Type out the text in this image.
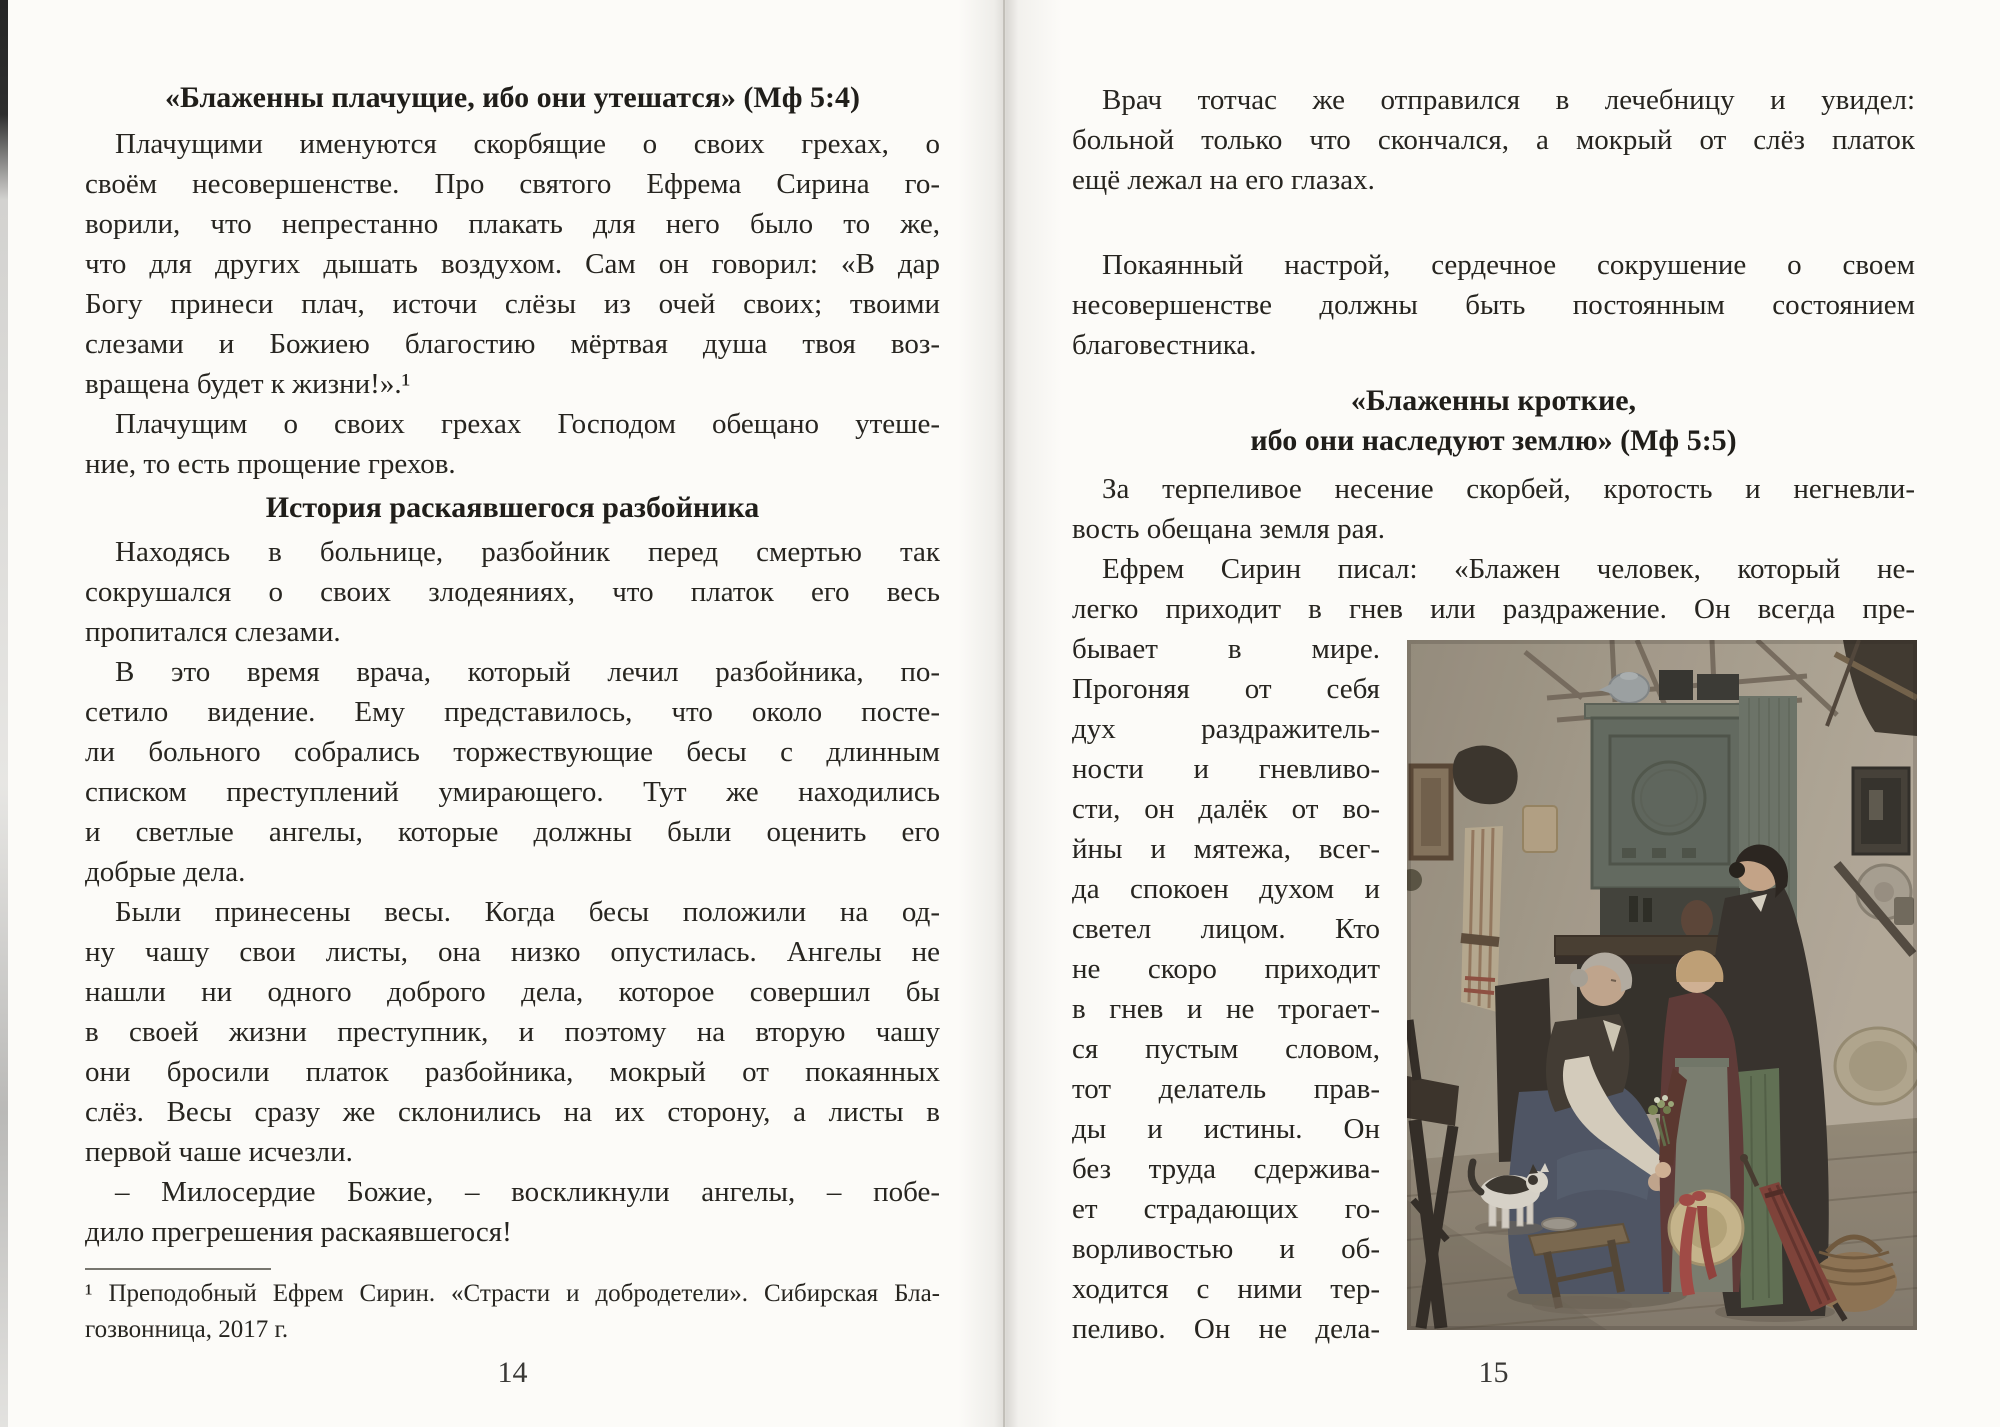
«Блаженны плачущие, ибо они утешатся» (Мф 5:4)
Плачущими именуются скорбящие о своих грехах, о
своём несовершенстве. Про святого Ефрема Сирина го-
ворили, что непрестанно плакать для него было то же,
что для других дышать воздухом. Сам он говорил: «В дар
Богу принеси плач, источи слёзы из очей своих; твоими
слезами и Божиею благостию мёртвая душа твоя воз-
вращена будет к жизни!».¹
Плачущим о своих грехах Господом обещано утеше-
ние, то есть прощение грехов.
История раскаявшегося разбойника
Находясь в больнице, разбойник перед смертью так
сокрушался о своих злодеяниях, что платок его весь
пропитался слезами.
В это время врача, который лечил разбойника, по-
сетило видение. Ему представилось, что около посте-
ли больного собрались торжествующие бесы с длинным
списком преступлений умирающего. Тут же находились
и светлые ангелы, которые должны были оценить его
добрые дела.
Были принесены весы. Когда бесы положили на од-
ну чашу свои листы, она низко опустилась. Ангелы не
нашли ни одного доброго дела, которое совершил бы
в своей жизни преступник, и поэтому на вторую чашу
они бросили платок разбойника, мокрый от покаянных
слёз. Весы сразу же склонились на их сторону, а листы в
первой чаше исчезли.
– Милосердие Божие, – воскликнули ангелы, – побе-
дило прегрешения раскаявшегося!
¹ Преподобный Ефрем Сирин. «Страсти и добродетели». Сибирская Бла-
гозвонница, 2017 г.
14
Врач тотчас же отправился в лечебницу и увидел:
больной только что скончался, а мокрый от слёз платок
ещё лежал на его глазах.
Покаянный настрой, сердечное сокрушение о своем
несовершенстве должны быть постоянным состоянием
благовестника.
«Блаженны кроткие,
ибо они наследуют землю» (Мф 5:5)
За терпеливое несение скорбей, кротость и негневли-
вость обещана земля рая.
Ефрем Сирин писал: «Блажен человек, который не-
легко приходит в гнев или раздражение. Он всегда пре-
бывает в мире.
Прогоняя от себя
дух раздражитель-
ности и гневливо-
сти, он далёк от во-
йны и мятежа, всег-
да спокоен духом и
светел лицом. Кто
не скоро приходит
в гнев и не трогает-
ся пустым словом,
тот делатель прав-
ды и истины. Он
без труда сдержива-
ет страдающих го-
ворливостью и об-
ходится с ними тер-
пеливо. Он не дела-
15
